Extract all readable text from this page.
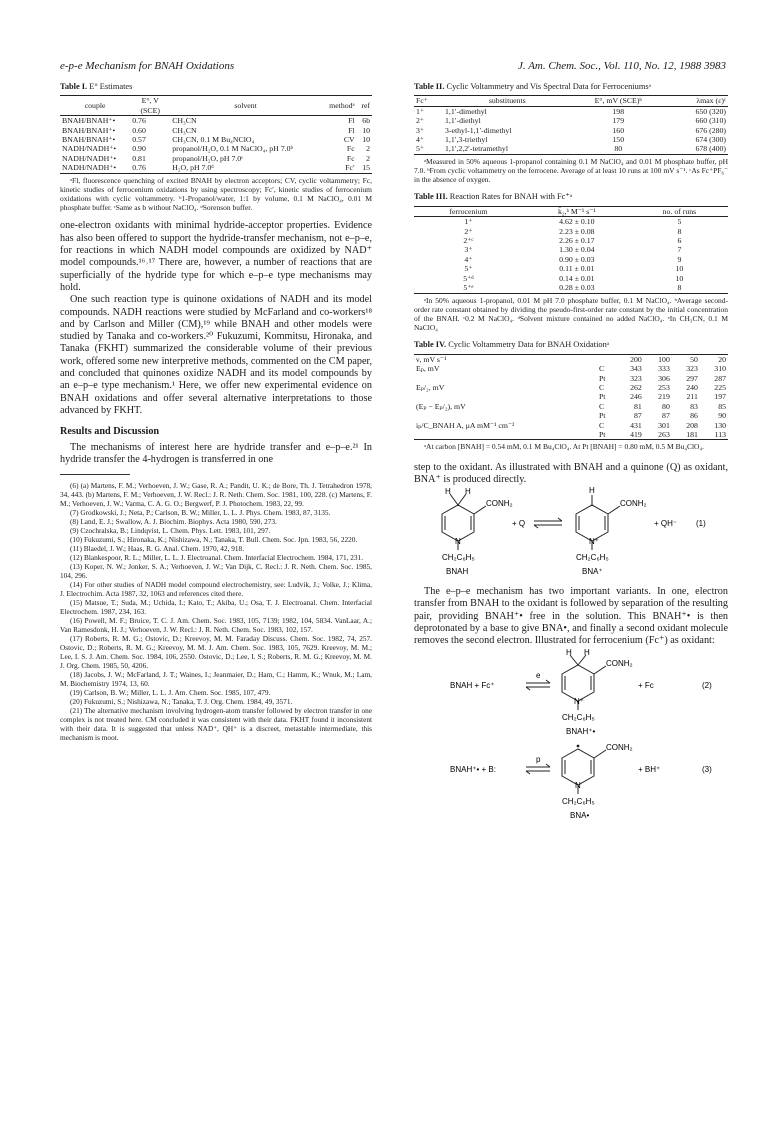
e-p-e Mechanism for BNAH Oxidations	J. Am. Chem. Soc., Vol. 110, No. 12, 1988 3983
Table I. E° Estimates
couple	E°, V (SCE)	solvent	methodᵃ	ref
BNAH/BNAH⁺•	0.76	CH₃CN	Fl	6b
BNAH/BNAH⁺•	0.60	CH₃CN	Fl	10
BNAH/BNAH⁺•	0.57	CH₃CN, 0.1 M Bu₄NClO₄	CV	10
NADH/NADH⁺•	0.90	propanol/H₂O, 0.1 M NaClO₄, pH 7.0ᵇ	Fc	2
NADH/NADH⁺•	0.81	propanol/H₂O, pH 7.0ᶜ	Fc	2
NADH/NADH⁺•	0.76	H₂O, pH 7.0ᵈ	Fc′	15

ᵃFl, fluorescence quenching of excited BNAH by electron acceptors; CV, cyclic voltammetry; Fc, kinetic studies of ferrocenium oxidations by using spectroscopy; Fc′, kinetic studies of ferrocenium oxidations with cyclic voltammetry. ᵇ1-Propanol/water, 1:1 by volume, 0.1 M NaClO₄, 0.01 M phosphate buffer. ᶜSame as b without NaClO₄. ᵈSorenson buffer.

one-electron oxidants with minimal hydride-acceptor properties. Evidence has also been offered to support the hydride-transfer mechanism, not e–p–e, for reactions in which NADH model compounds are oxidized by NAD⁺ model compounds.¹⁶˒¹⁷ There are, however, a number of reactions that are superficially of the hydride type for which e–p–e type mechanisms may hold.

One such reaction type is quinone oxidations of NADH and its model compounds. NADH reactions were studied by McFarland and co-workers¹⁸ and by Carlson and Miller (CM),¹⁹ while BNAH and other models were studied by Tanaka and co-workers.²⁰ Fukuzumi, Kommitsu, Hironaka, and Tanaka (FKHT) summarized the considerable volume of their previous work, offered some new interpretive methods, commented on the CM paper, and concluded that quinones oxidize NADH and its model compounds by an e–p–e type mechanism.¹ Here, we offer new experimental evidence on BNAH oxidations and offer several alternative interpretations to those advanced by FKHT.

Results and Discussion

The mechanisms of interest here are hydride transfer and e–p–e.²¹ In hydride transfer the 4-hydrogen is transferred in one

(6) (a) Martens, F. M.; Verhoeven, J. W.; Gase, R. A.; Pandit, U. K.; de Bore, Th. J. Tetrahedron 1978, 34, 443. (b) Martens, F. M.; Verhoeven, J. W. Recl.: J. R. Neth. Chem. Soc. 1981, 100, 228. (c) Martens, F. M.; Verhoeven, J. W.; Varma, C. A. G. O.; Bergwerf, P. J. Photochem. 1983, 22, 99.

(7) Grodkowski, J.; Neta, P.; Carlson, B. W.; Miller, L. L. J. Phys. Chem. 1983, 87, 3135.

(8) Land, E. J.; Swallow, A. J. Biochim. Biophys. Acta 1980, 590, 273.

(9) Czochralska, B.; Lindqvist, L. Chem. Phys. Lett. 1983, 101, 297.

(10) Fukuzumi, S.; Hironaka, K.; Nishizawa, N.; Tanaka, T. Bull. Chem. Soc. Jpn. 1983, 56, 2220.

(11) Blaedel, J. W.; Haas, R. G. Anal. Chem. 1970, 42, 918.

(12) Blankespoor, R. L.; Miller, L. L. J. Electroanal. Chem. Interfacial Electrochem. 1984, 171, 231.

(13) Koper, N. W.; Jonker, S. A.; Verhoeven, J. W.; Van Dijk, C. Recl.: J. R. Neth. Chem. Soc. 1985, 104, 296.

(14) For other studies of NADH model compound electrochemistry, see: Ludvik, J.; Volke, J.; Klima, J. Electrochim. Acta 1987, 32, 1063 and references cited there.

(15) Matsue, T.; Suda, M.; Uchida, I.; Kato, T.; Akiba, U.; Osa, T. J. Electroanal. Chem. Interfacial Electrochem. 1987, 234, 163.

(16) Powell, M. F.; Bruice, T. C. J. Am. Chem. Soc. 1983, 105, 7139; 1982, 104, 5834. VanLaar, A.; Van Ramesdonk, H. J.; Verhoeven, J. W. Recl.: J. R. Neth. Chem. Soc. 1983, 102, 157.

(17) Roberts, R. M. G.; Ostovic, D.; Kreevoy, M. M. Faraday Discuss. Chem. Soc. 1982, 74, 257. Ostovic, D.; Roberts, R. M. G.; Kreevoy, M. M. J. Am. Chem. Soc. 1983, 105, 7629. Kreevoy, M. M.; Lee, I. S. J. Am. Chem. Soc. 1984, 106, 2550. Ostovic, D.; Lee, I. S.; Roberts, R. M. G.; Kreevoy, M. M. J. Org. Chem. 1985, 50, 4206.

(18) Jacobs, J. W.; McFarland, J. T.; Waines, I.; Jeanmaier, D.; Ham, C.; Hamm, K.; Wnuk, M.; Lam, M. Biochemistry 1974, 13, 60.

(19) Carlson, B. W.; Miller, L. L. J. Am. Chem. Soc. 1985, 107, 479.

(20) Fukuzumi, S.; Nishizawa, N.; Tanaka, T. J. Org. Chem. 1984, 49, 3571.

(21) The alternative mechanism involving hydrogen-atom transfer followed by electron transfer in one complex is not treated here. CM concluded it was consistent with their data. FKHT found it inconsistent with their data. It is suggested that unless NAD⁺, QH⁺ is a discreet, metastable intermediate, this mechanism is moot.

Table II. Cyclic Voltammetry and Vis Spectral Data for Ferroceniumsᵃ
Fc⁺	substituents	E°, mV (SCE)ᵇ	λmax (ε)ᶜ
1⁺	1,1′-dimethyl	198	650 (320)
2⁺	1,1′-diethyl	179	660 (310)
3⁺	3-ethyl-1,1′-dimethyl	160	676 (280)
4⁺	1,1′,3-triethyl	150	674 (300)
5⁺	1,1′,2,2′-tetramethyl	80	678 (400)

ᵃMeasured in 50% aqueous 1-propanol containing 0.1 M NaClO₄ and 0.01 M phosphate buffer, pH 7.0. ᵇFrom cyclic voltammetry on the ferrocene. Average of at least 10 runs at 100 mV s⁻¹. ᶜAs Fc⁺PF₆⁻ in the absence of oxygen.

Table III. Reaction Rates for BNAH with Fc⁺ᵃ
ferrocenium	k̄₂,ᵇ M⁻¹ s⁻¹	no. of runs
1⁺	4.62 ± 0.10	5
2⁺	2.23 ± 0.08	8
2⁺ᶜ	2.26 ± 0.17	6
3⁺	1.30 ± 0.04	7
4⁺	0.90 ± 0.03	9
5⁺	0.11 ± 0.01	10
5⁺ᵈ	0.14 ± 0.01	10
5⁺ᵉ	0.28 ± 0.03	8

ᵃIn 50% aqueous 1-propanol, 0.01 M pH 7.0 phosphate buffer, 0.1 M NaClO₄. ᵇAverage second-order rate constant obtained by dividing the pseudo-first-order rate constant by the initial concentration of the BNAH. ᶜ0.2 M NaClO₄. ᵈSolvent mixture contained no added NaClO₄. ᵉIn CH₃CN, 0.1 M NaClO₄

Table IV. Cyclic Voltammetry Data for BNAH Oxidationᵃ
ν, mV s⁻¹		200	100	50	20
Eₚ, mV	C	343	333	323	310
	Pt	323	306	297	287
Eₚ/₂, mV	C	262	253	240	225
	Pt	246	219	211	197
(Eₚ − Eₚ/₂), mV	C	81	80	83	85
	Pt	87	87	86	90
iₚ/C_BNAH A, μA mM⁻¹ cm⁻²	C	431	301	208	130
	Pt	419	263	181	113

ᵃAt carbon [BNAH] = 0.54 mM, 0.1 M Bu₄ClO₄. At Pt [BNAH] = 0.80 mM, 0.5 M Bu₄ClO₄.

step to the oxidant. As illustrated with BNAH and a quinone (Q) as oxidant, BNA⁺ is produced directly.

H H
CONH₂
N
CH₂C₆H₅
BNAH
+ Q
H
CONH₂
N⁺
CH₂C₆H₅
BNA⁺
+ QH⁻ (1)

The e–p–e mechanism has two important variants. In one, electron transfer from BNAH to the oxidant is followed by separation of the resulting pair, providing BNAH⁺• free in the solution. This BNAH⁺• is then deprotonated by a base to give BNA•, and finally a second oxidant molecule removes the second electron. Illustrated for ferrocenium (Fc⁺) as oxidant:

BNAH + Fc⁺
e
H H
CONH₂
N⁺
CH₂C₆H₅
BNAH⁺•
+ Fc	(2)
BNAH⁺• + B:
p
CONH₂
N
CH₂C₆H₅
BNA•
+ BH⁺	(3)
